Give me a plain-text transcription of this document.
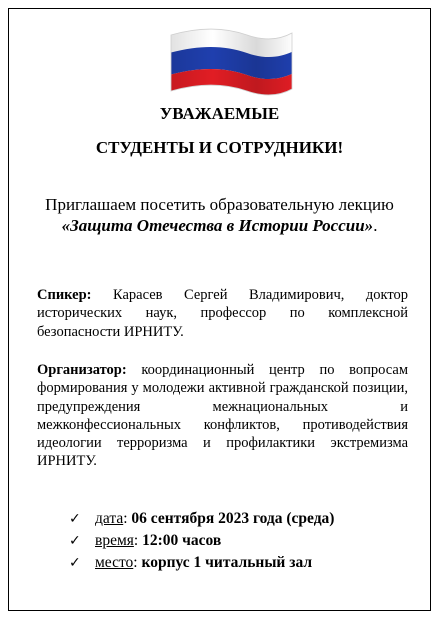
УВАЖАЕМЫЕ
СТУДЕНТЫ И СОТРУДНИКИ!
Приглашаем посетить образовательную лекцию «Защита Отечества в Истории России».
Спикер: Карасев Сергей Владимирович, доктор исторических наук, профессор по комплексной безопасности ИРНИТУ.
Организатор: координационный центр по вопросам формирования у молодежи активной гражданской позиции, предупреждения межнациональных и межконфессиональных конфликтов, противодействия идеологии терроризма и профилактики экстремизма ИРНИТУ.
✓ дата: 06 сентября 2023 года (среда)
✓ время: 12:00 часов
✓ место: корпус 1 читальный зал
